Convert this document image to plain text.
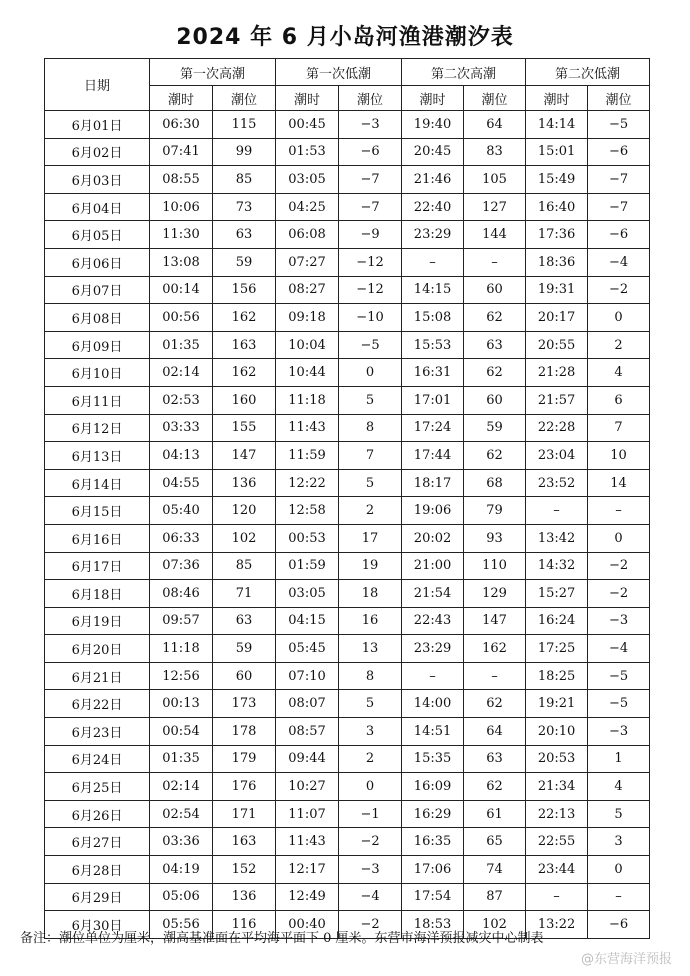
2024 年 6 月小岛河渔港潮汐表
日期	第一次高潮		第一次低潮		第二次高潮		第二次低潮	
	潮时	潮位	潮时	潮位	潮时	潮位	潮时	潮位
6月01日	06:30	115	00:45	−3	19:40	64	14:14	−5
6月02日	07:41	99	01:53	−6	20:45	83	15:01	−6
6月03日	08:55	85	03:05	−7	21:46	105	15:49	−7
6月04日	10:06	73	04:25	−7	22:40	127	16:40	−7
6月05日	11:30	63	06:08	−9	23:29	144	17:36	−6
6月06日	13:08	59	07:27	−12	–	–	18:36	−4
6月07日	00:14	156	08:27	−12	14:15	60	19:31	−2
6月08日	00:56	162	09:18	−10	15:08	62	20:17	0
6月09日	01:35	163	10:04	−5	15:53	63	20:55	2
6月10日	02:14	162	10:44	0	16:31	62	21:28	4
6月11日	02:53	160	11:18	5	17:01	60	21:57	6
6月12日	03:33	155	11:43	8	17:24	59	22:28	7
6月13日	04:13	147	11:59	7	17:44	62	23:04	10
6月14日	04:55	136	12:22	5	18:17	68	23:52	14
6月15日	05:40	120	12:58	2	19:06	79	–	–
6月16日	06:33	102	00:53	17	20:02	93	13:42	0
6月17日	07:36	85	01:59	19	21:00	110	14:32	−2
6月18日	08:46	71	03:05	18	21:54	129	15:27	−2
6月19日	09:57	63	04:15	16	22:43	147	16:24	−3
6月20日	11:18	59	05:45	13	23:29	162	17:25	−4
6月21日	12:56	60	07:10	8	–	–	18:25	−5
6月22日	00:13	173	08:07	5	14:00	62	19:21	−5
6月23日	00:54	178	08:57	3	14:51	64	20:10	−3
6月24日	01:35	179	09:44	2	15:35	63	20:53	1
6月25日	02:14	176	10:27	0	16:09	62	21:34	4
6月26日	02:54	171	11:07	−1	16:29	61	22:13	5
6月27日	03:36	163	11:43	−2	16:35	65	22:55	3
6月28日	04:19	152	12:17	−3	17:06	74	23:44	0
6月29日	05:06	136	12:49	−4	17:54	87	–	–
6月30日	05:56	116	00:40	−2	18:53	102	13:22	−6
备注：潮位单位为厘米，潮高基准面在平均海平面下 0 厘米。东营市海洋预报减灾中心制表
@东营海洋预报
